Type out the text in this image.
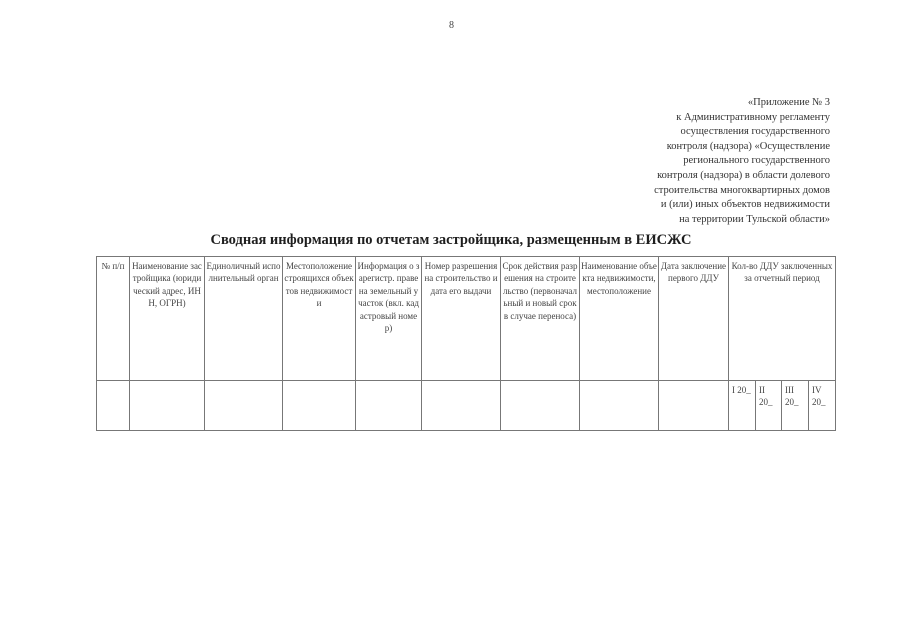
8
«Приложение № 3
к Административному регламенту
осуществления государственного
контроля (надзора) «Осуществление
регионального государственного
контроля (надзора) в области долевого
строительства многоквартирных домов
и (или) иных объектов недвижимости
на территории Тульской области»
Сводная информация по отчетам застройщика, размещенным в ЕИСЖС
№ п/п	Наименование застройщика (юридический адрес, ИНН, ОГРН)	Единоличный исполнительный орган	Местоположение строящихся объектов недвижимости	Информация о зарегистр. праве на земельный участок (вкл. кадастровый номер)	Номер разрешения на строительство и дата его выдачи	Срок действия разрешения на строительство (первоначальный и новый срок в случае переноса)	Наименование объекта недвижимости, местоположение	Дата заключение первого ДДУ	Кол-во ДДУ заключенных за отчетный период			
									I 20_	II 20_	III 20_	IV 20_
